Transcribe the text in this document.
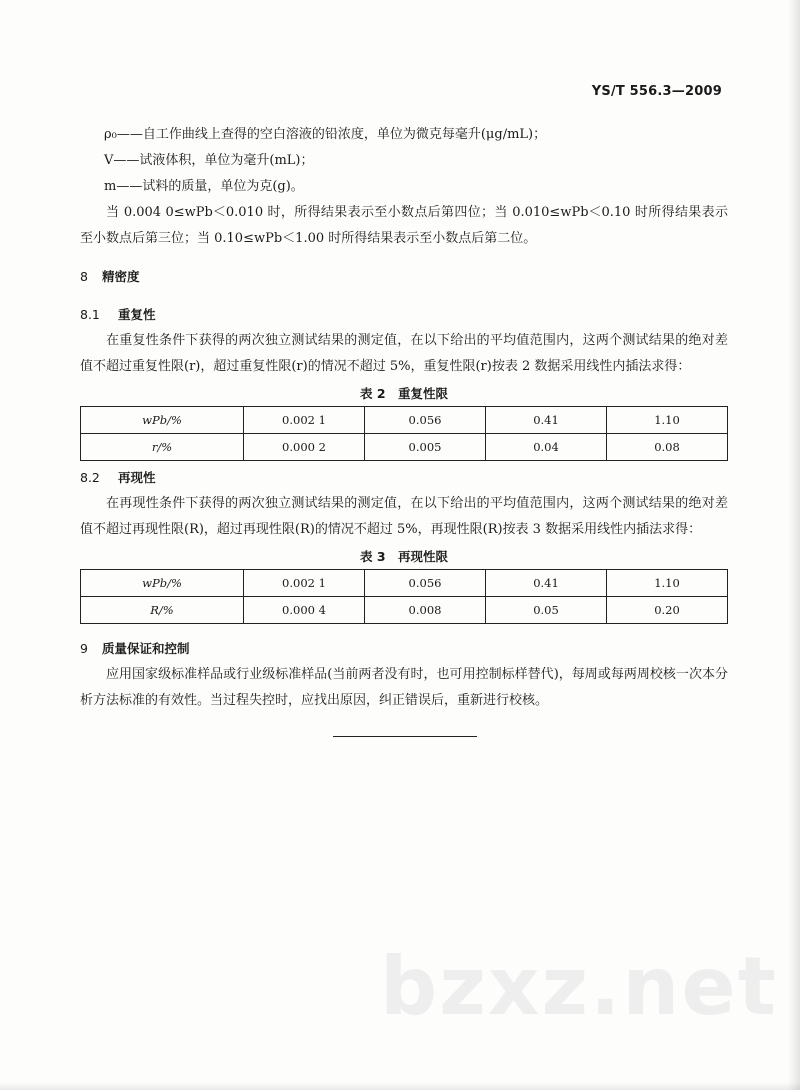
YS/T 556.3—2009
ρ₀——自工作曲线上查得的空白溶液的铅浓度，单位为微克每毫升(μg/mL)；
V——试液体积，单位为毫升(mL)；
m——试料的质量，单位为克(g)。
当 0.004 0≤wPb＜0.010 时，所得结果表示至小数点后第四位；当 0.010≤wPb＜0.10 时所得结果表示至小数点后第三位；当 0.10≤wPb＜1.00 时所得结果表示至小数点后第二位。
8 精密度
8.1 重复性
在重复性条件下获得的两次独立测试结果的测定值，在以下给出的平均值范围内，这两个测试结果的绝对差值不超过重复性限(r)，超过重复性限(r)的情况不超过 5%，重复性限(r)按表 2 数据采用线性内插法求得：
表 2　重复性限
wPb/%	0.002 1	0.056	0.41	1.10
r/%	0.000 2	0.005	0.04	0.08
8.2 再现性
在再现性条件下获得的两次独立测试结果的测定值，在以下给出的平均值范围内，这两个测试结果的绝对差值不超过再现性限(R)，超过再现性限(R)的情况不超过 5%，再现性限(R)按表 3 数据采用线性内插法求得：
表 3　再现性限
wPb/%	0.002 1	0.056	0.41	1.10
R/%	0.000 4	0.008	0.05	0.20
9 质量保证和控制
应用国家级标准样品或行业级标准样品(当前两者没有时，也可用控制标样替代)，每周或每两周校核一次本分析方法标准的有效性。当过程失控时，应找出原因，纠正错误后，重新进行校核。
bzxz.net
